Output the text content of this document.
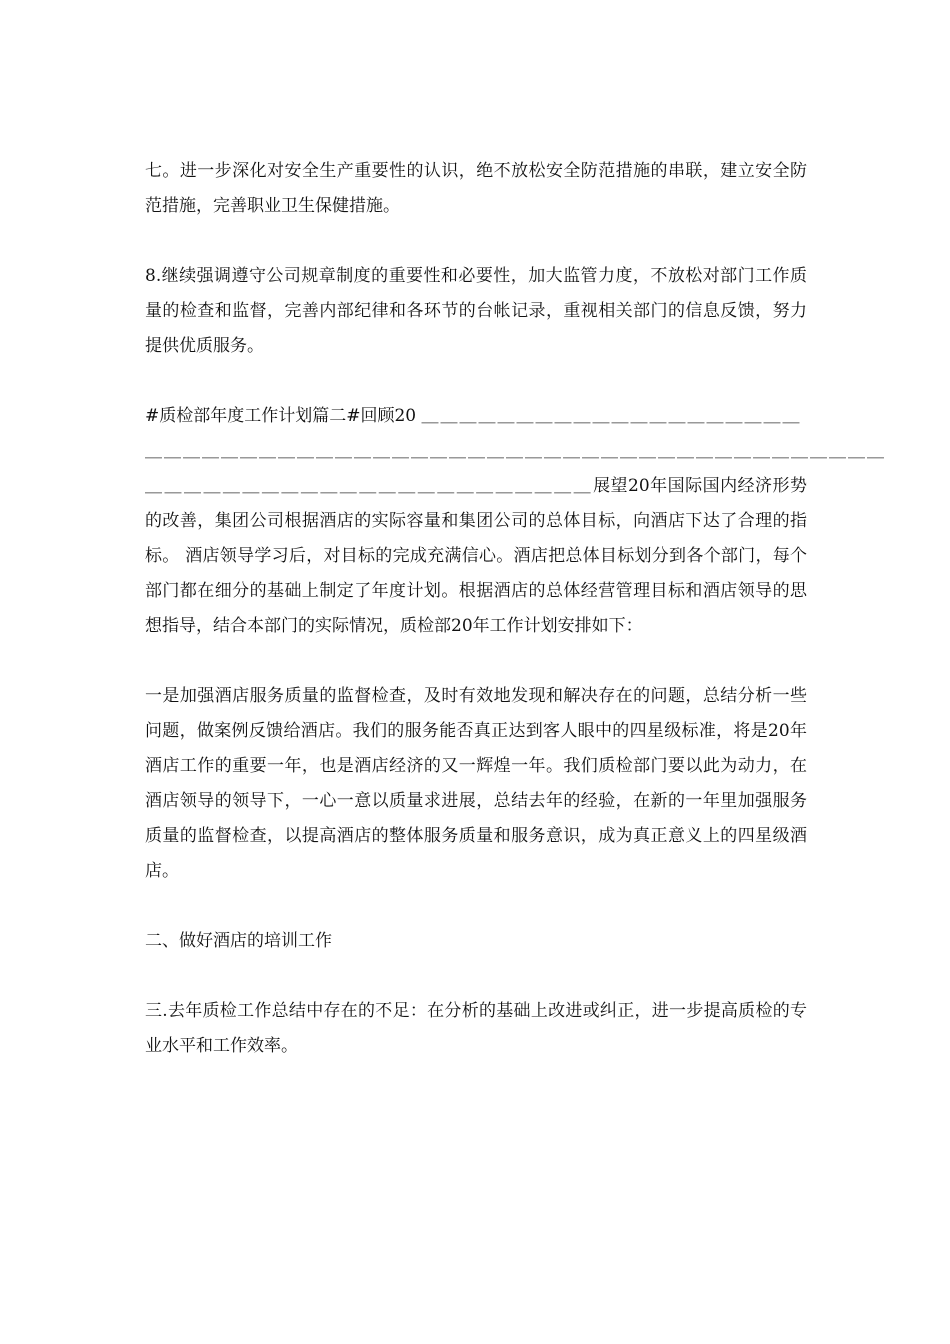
七。进一步深化对安全生产重要性的认识，绝不放松安全防范措施的串联，建立安全防范措施，完善职业卫生保健措施。

8.继续强调遵守公司规章制度的重要性和必要性，加大监管力度，不放松对部门工作质量的检查和监督，完善内部纪律和各环节的台帐记录，重视相关部门的信息反馈，努力提供优质服务。

#质检部年度工作计划篇二#回顾20 ＿＿＿＿＿＿＿＿＿＿＿＿＿＿＿＿＿＿＿＿
＿＿＿＿＿＿＿＿＿＿＿＿＿＿＿＿＿＿＿＿＿＿＿＿＿＿＿＿＿＿＿＿＿＿＿＿＿＿＿
＿＿＿＿＿＿＿＿＿＿＿＿＿＿＿＿＿＿＿＿＿＿＿展望20年国际国内经济形势的改善，集团公司根据酒店的实际容量和集团公司的总体目标，向酒店下达了合理的指标。 酒店领导学习后，对目标的完成充满信心。酒店把总体目标划分到各个部门，每个部门都在细分的基础上制定了年度计划。根据酒店的总体经营管理目标和酒店领导的思想指导，结合本部门的实际情况，质检部20年工作计划安排如下：

一是加强酒店服务质量的监督检查，及时有效地发现和解决存在的问题，总结分析一些问题，做案例反馈给酒店。我们的服务能否真正达到客人眼中的四星级标准，将是20年酒店工作的重要一年，也是酒店经济的又一辉煌一年。我们质检部门要以此为动力，在酒店领导的领导下，一心一意以质量求进展，总结去年的经验，在新的一年里加强服务质量的监督检查，以提高酒店的整体服务质量和服务意识，成为真正意义上的四星级酒店。

二、做好酒店的培训工作

三.去年质检工作总结中存在的不足：在分析的基础上改进或纠正，进一步提高质检的专业水平和工作效率。
